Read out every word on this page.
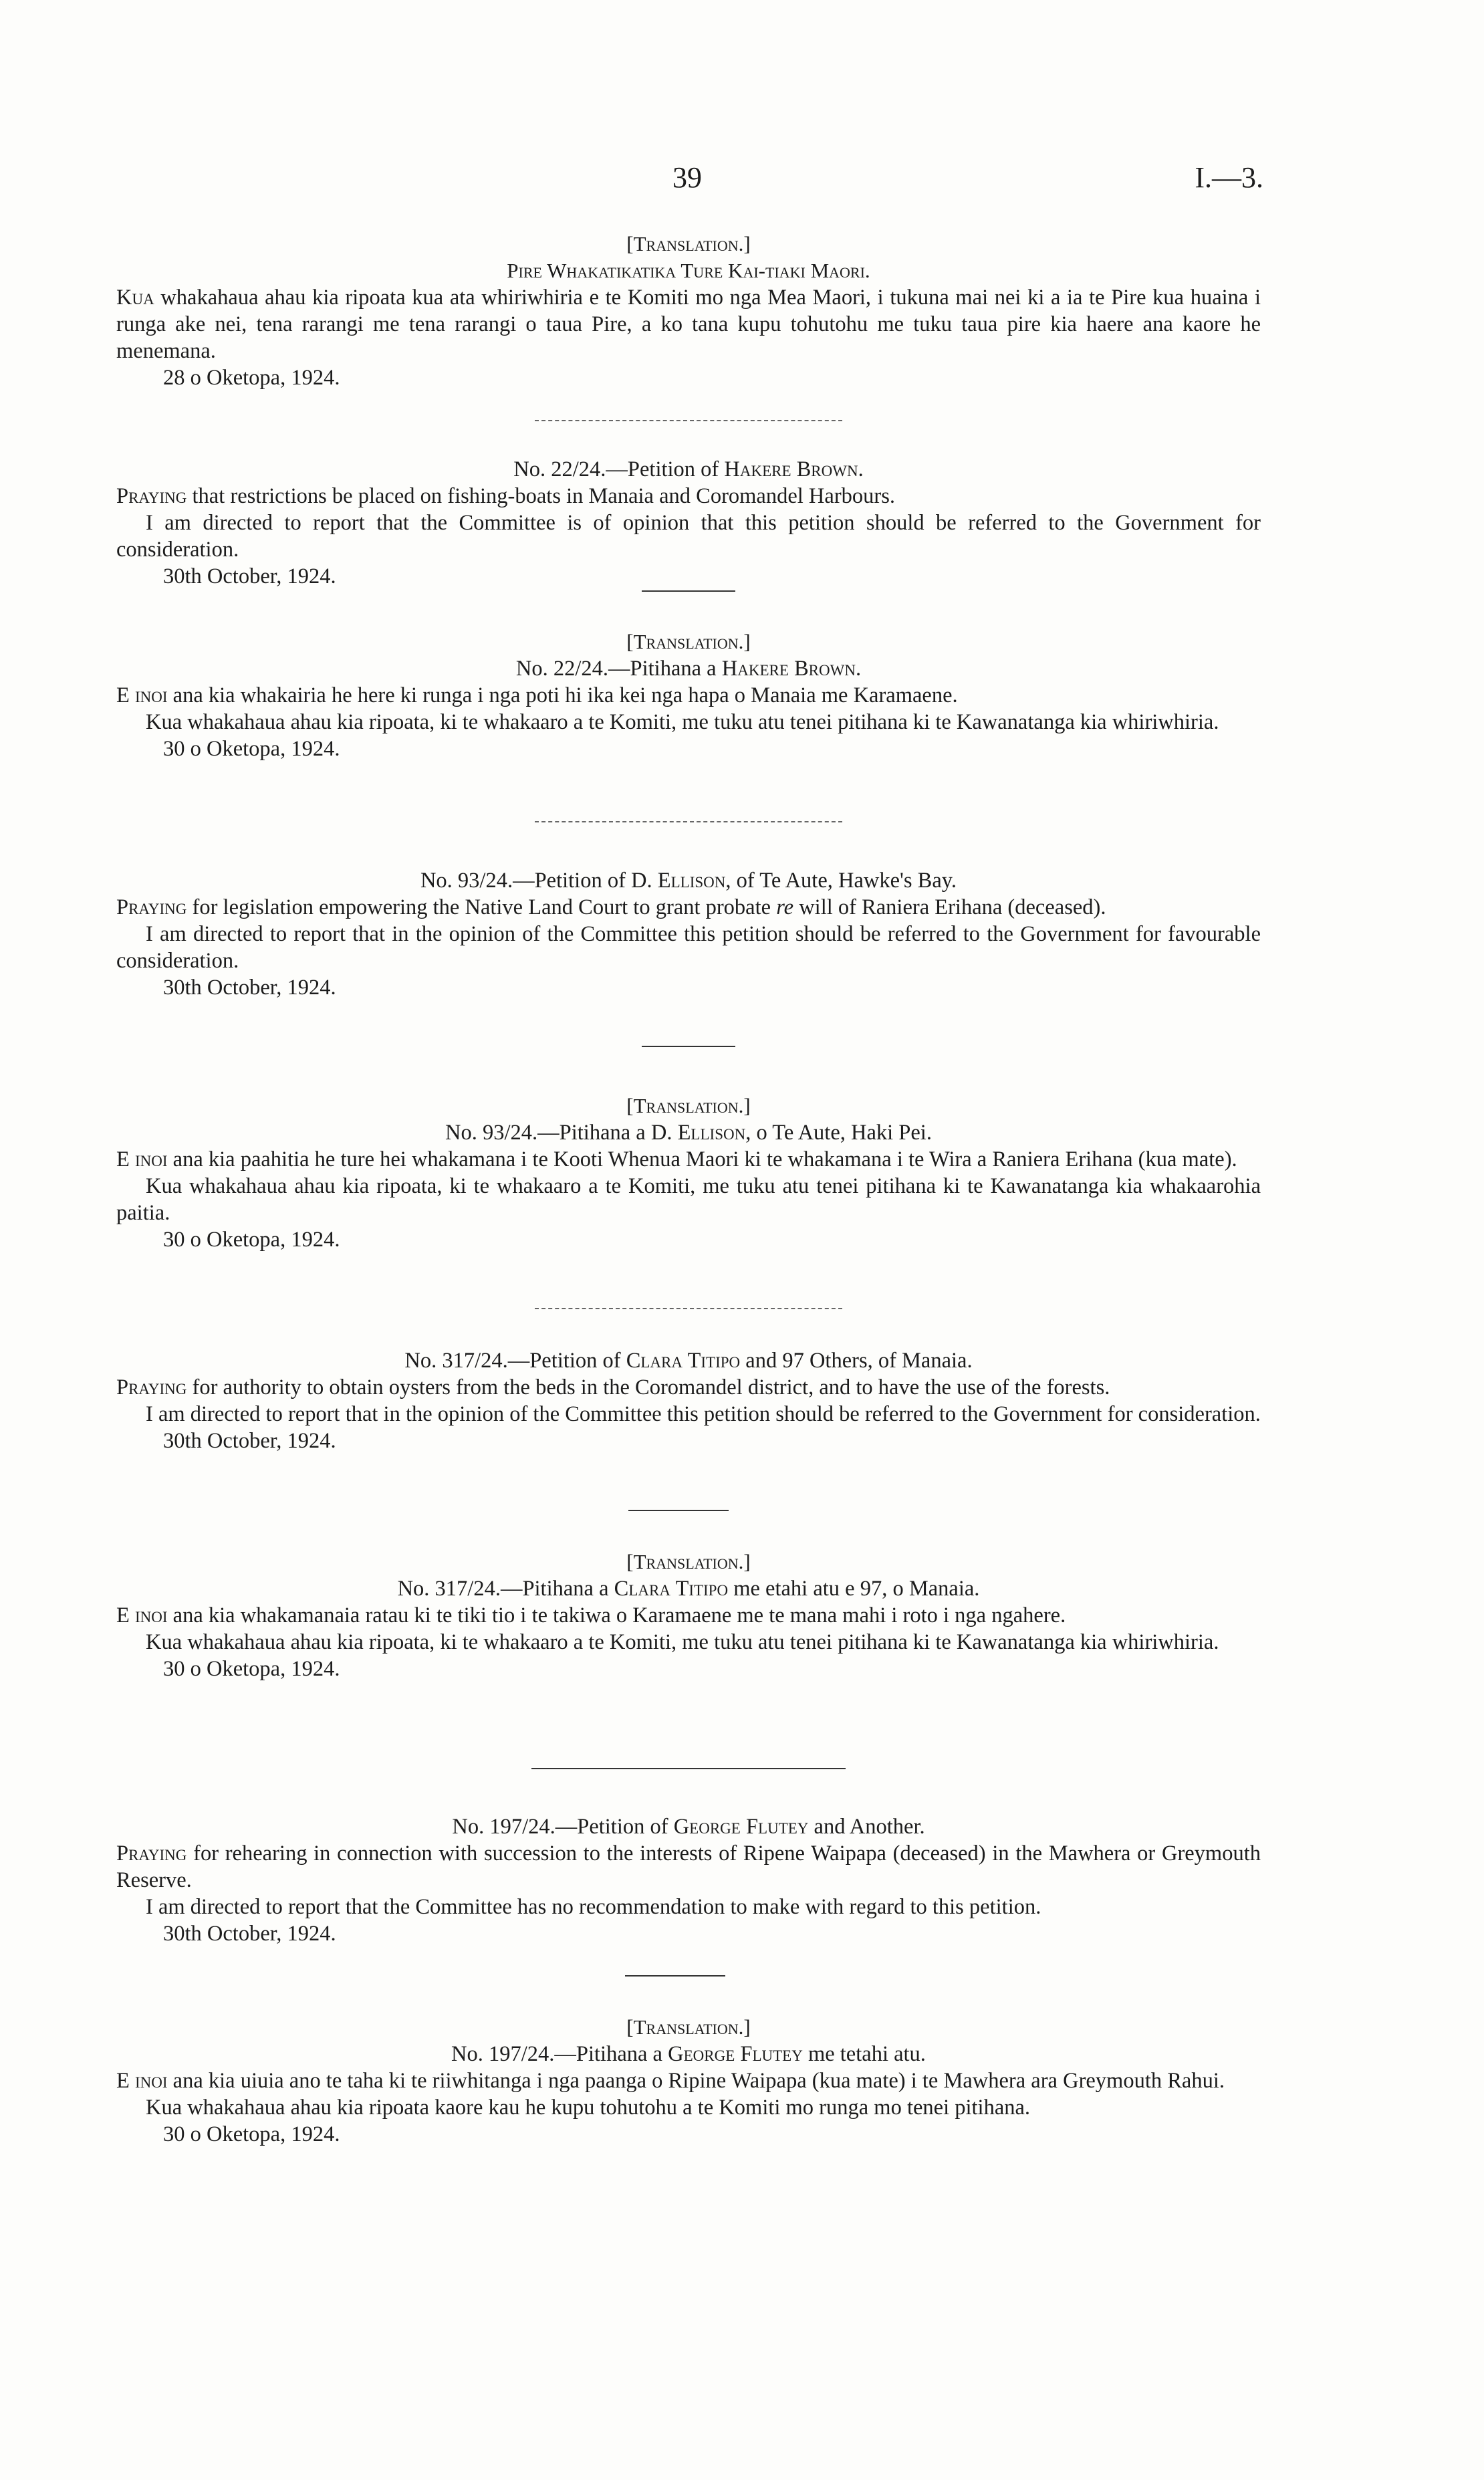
39	I.—3.
[Translation.]
Pire Whakatikatika Ture Kai-tiaki Maori.
Kua whakahaua ahau kia ripoata kua ata whiriwhiria e te Komiti mo nga Mea Maori, i tukuna mai nei ki a ia te Pire kua huaina i runga ake nei, tena rarangi me tena rarangi o taua Pire, a ko tana kupu tohutohu me tuku taua pire kia haere ana kaore he menemana.
28 o Oketopa, 1924.
No. 22/24.—Petition of Hakere Brown.
Praying that restrictions be placed on fishing-boats in Manaia and Coromandel Harbours.
I am directed to report that the Committee is of opinion that this petition should be referred to the Government for consideration.
30th October, 1924.
[Translation.]
No. 22/24.—Pitihana a Hakere Brown.
E inoi ana kia whakairia he here ki runga i nga poti hi ika kei nga hapa o Manaia me Karamaene.
Kua whakahaua ahau kia ripoata, ki te whakaaro a te Komiti, me tuku atu tenei pitihana ki te Kawanatanga kia whiriwhiria.
30 o Oketopa, 1924.
No. 93/24.—Petition of D. Ellison, of Te Aute, Hawke's Bay.
Praying for legislation empowering the Native Land Court to grant probate re will of Raniera Erihana (deceased).
I am directed to report that in the opinion of the Committee this petition should be referred to the Government for favourable consideration.
30th October, 1924.
[Translation.]
No. 93/24.—Pitihana a D. Ellison, o Te Aute, Haki Pei.
E inoi ana kia paahitia he ture hei whakamana i te Kooti Whenua Maori ki te whakamana i te Wira a Raniera Erihana (kua mate).
Kua whakahaua ahau kia ripoata, ki te whakaaro a te Komiti, me tuku atu tenei pitihana ki te Kawanatanga kia whakaarohia paitia.
30 o Oketopa, 1924.
No. 317/24.—Petition of Clara Titipo and 97 Others, of Manaia.
Praying for authority to obtain oysters from the beds in the Coromandel district, and to have the use of the forests.
I am directed to report that in the opinion of the Committee this petition should be referred to the Government for consideration.
30th October, 1924.
[Translation.]
No. 317/24.—Pitihana a Clara Titipo me etahi atu e 97, o Manaia.
E inoi ana kia whakamanaia ratau ki te tiki tio i te takiwa o Karamaene me te mana mahi i roto i nga ngahere.
Kua whakahaua ahau kia ripoata, ki te whakaaro a te Komiti, me tuku atu tenei pitihana ki te Kawanatanga kia whiriwhiria.
30 o Oketopa, 1924.
No. 197/24.—Petition of George Flutey and Another.
Praying for rehearing in connection with succession to the interests of Ripene Waipapa (deceased) in the Mawhera or Greymouth Reserve.
I am directed to report that the Committee has no recommendation to make with regard to this petition.
30th October, 1924.
[Translation.]
No. 197/24.—Pitihana a George Flutey me tetahi atu.
E inoi ana kia uiuia ano te taha ki te riiwhitanga i nga paanga o Ripine Waipapa (kua mate) i te Mawhera ara Greymouth Rahui.
Kua whakahaua ahau kia ripoata kaore kau he kupu tohutohu a te Komiti mo runga mo tenei pitihana.
30 o Oketopa, 1924.
